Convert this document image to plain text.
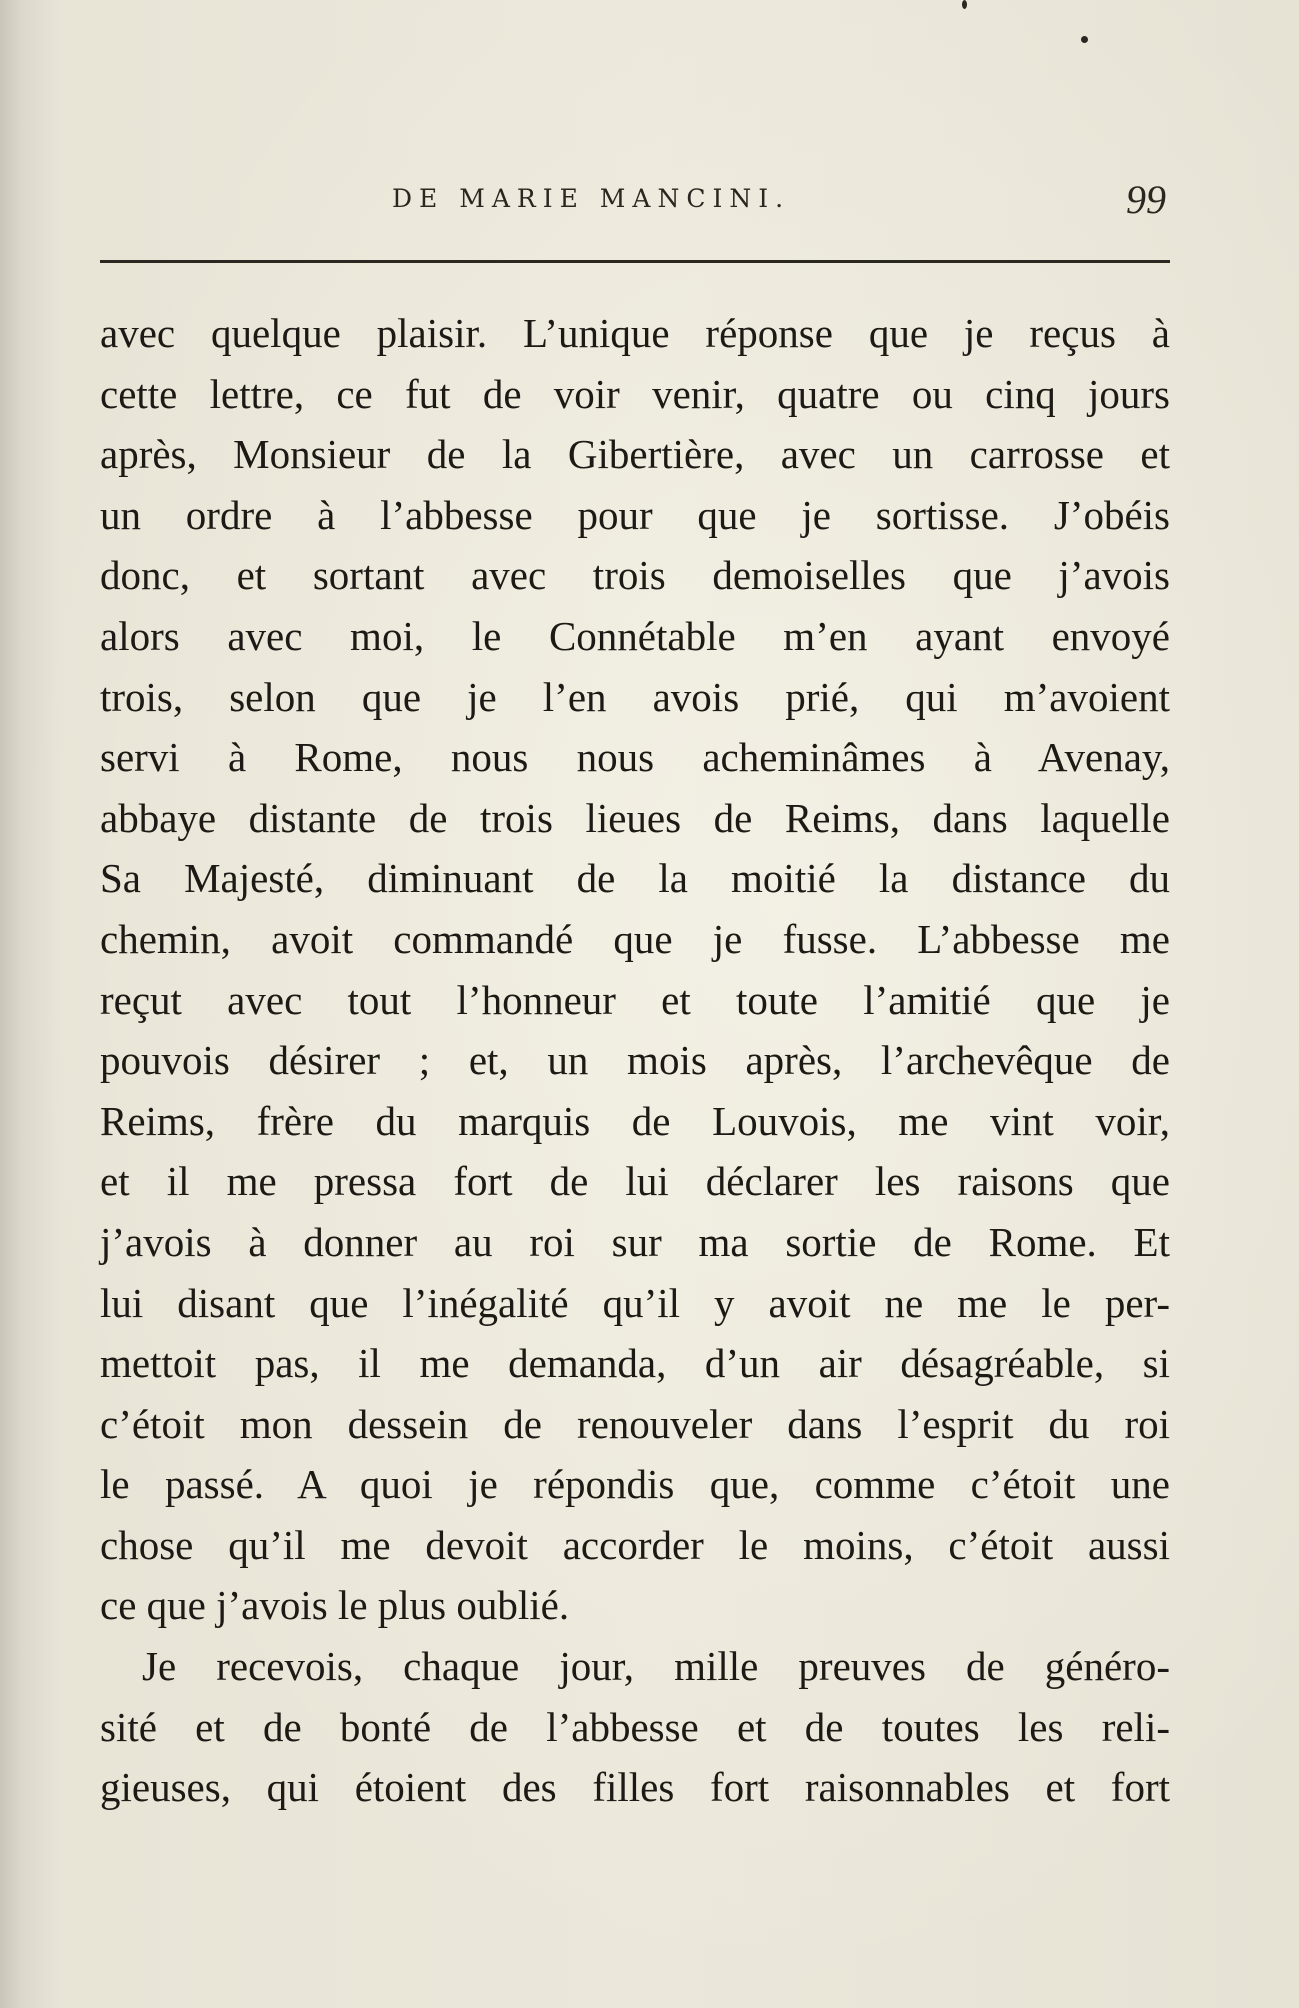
DE MARIE MANCINI.	99
avec quelque plaisir. L’unique réponse que je reçus à
cette lettre, ce fut de voir venir, quatre ou cinq jours
après, Monsieur de la Gibertière, avec un carrosse et
un ordre à l’abbesse pour que je sortisse. J’obéis
donc, et sortant avec trois demoiselles que j’avois
alors avec moi, le Connétable m’en ayant envoyé
trois, selon que je l’en avois prié, qui m’avoient
servi à Rome, nous nous acheminâmes à Avenay,
abbaye distante de trois lieues de Reims, dans laquelle
Sa Majesté, diminuant de la moitié la distance du
chemin, avoit commandé que je fusse. L’abbesse me
reçut avec tout l’honneur et toute l’amitié que je
pouvois désirer ; et, un mois après, l’archevêque de
Reims, frère du marquis de Louvois, me vint voir,
et il me pressa fort de lui déclarer les raisons que
j’avois à donner au roi sur ma sortie de Rome. Et
lui disant que l’inégalité qu’il y avoit ne me le per-
mettoit pas, il me demanda, d’un air désagréable, si
c’étoit mon dessein de renouveler dans l’esprit du roi
le passé. A quoi je répondis que, comme c’étoit une
chose qu’il me devoit accorder le moins, c’étoit aussi
ce que j’avois le plus oublié.
Je recevois, chaque jour, mille preuves de généro-
sité et de bonté de l’abbesse et de toutes les reli-
gieuses, qui étoient des filles fort raisonnables et fort
